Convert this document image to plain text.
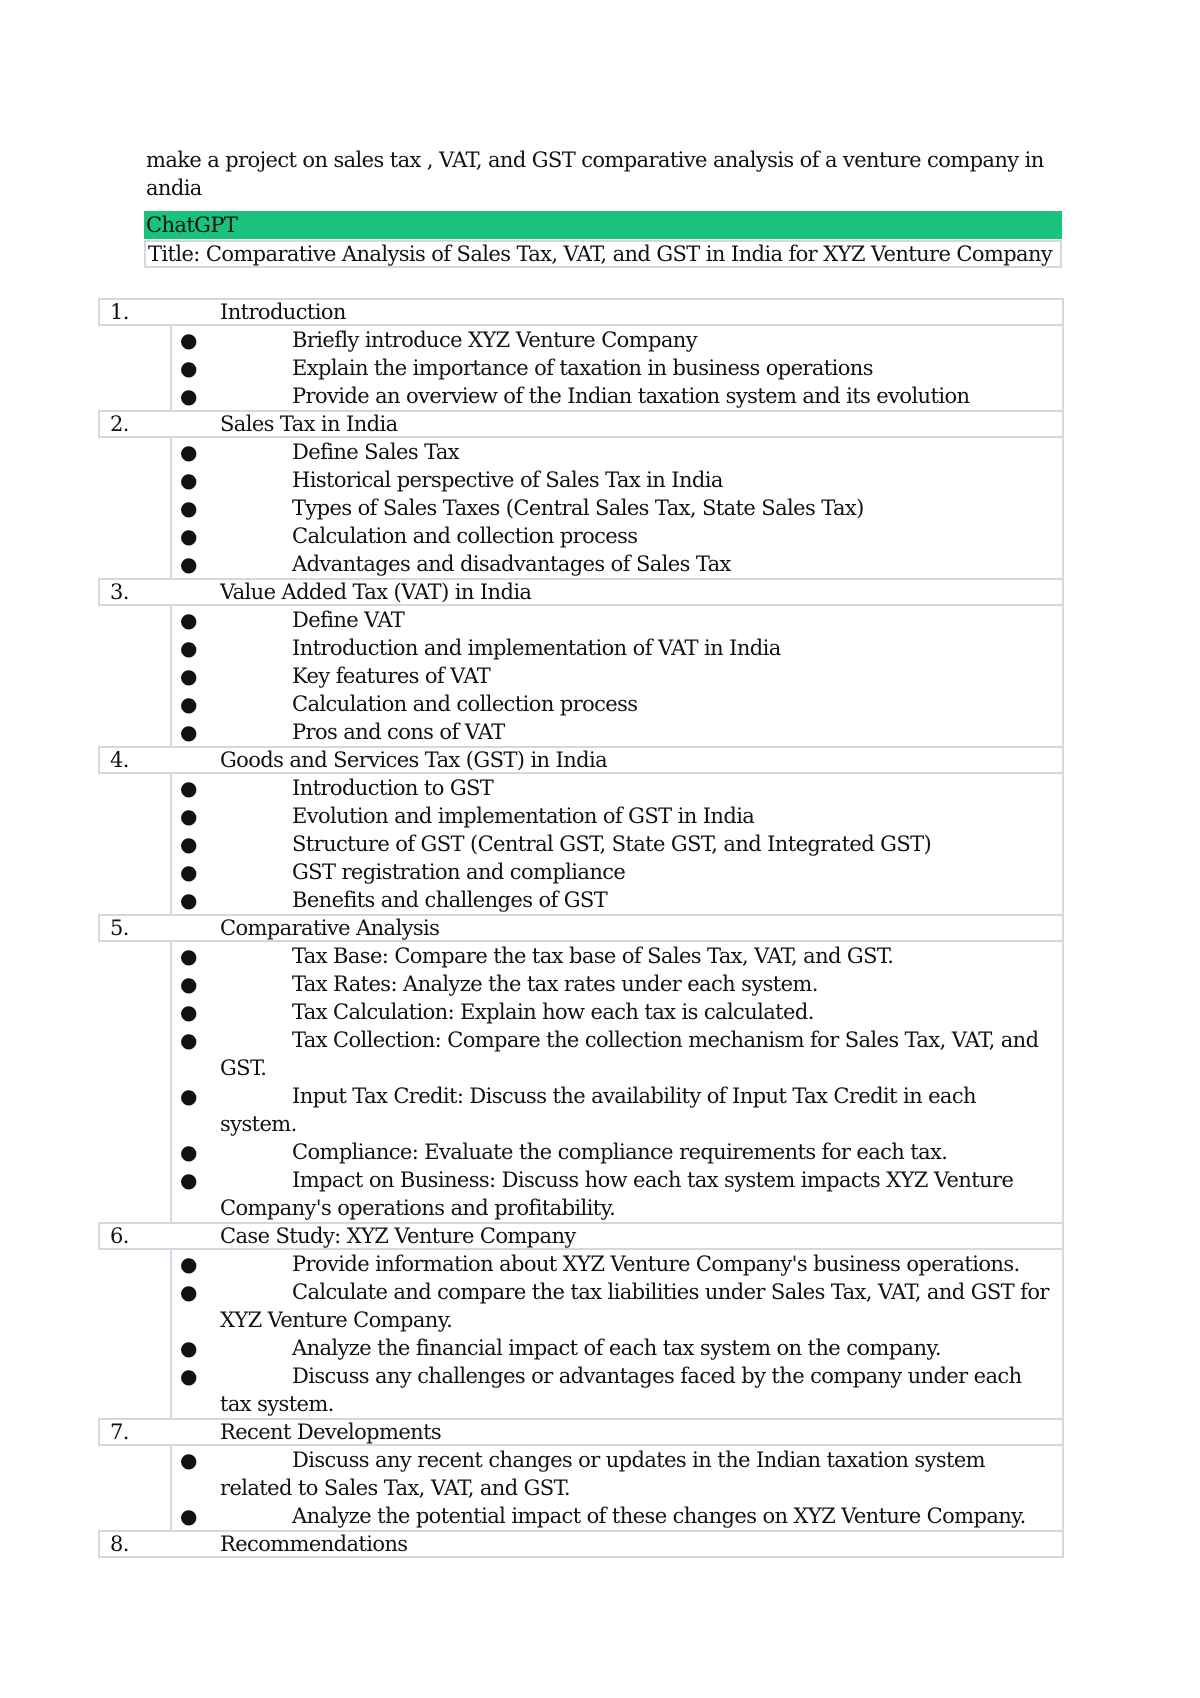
make a project on sales tax , VAT, and GST comparative analysis of a venture company in andia
ChatGPT
Title: Comparative Analysis of Sales Tax, VAT, and GST in India for XYZ Venture Company
1.	Introduction
●	Briefly introduce XYZ Venture Company
●	Explain the importance of taxation in business operations
●	Provide an overview of the Indian taxation system and its evolution
2.	Sales Tax in India
●	Define Sales Tax
●	Historical perspective of Sales Tax in India
●	Types of Sales Taxes (Central Sales Tax, State Sales Tax)
●	Calculation and collection process
●	Advantages and disadvantages of Sales Tax
3.	Value Added Tax (VAT) in India
●	Define VAT
●	Introduction and implementation of VAT in India
●	Key features of VAT
●	Calculation and collection process
●	Pros and cons of VAT
4.	Goods and Services Tax (GST) in India
●	Introduction to GST
●	Evolution and implementation of GST in India
●	Structure of GST (Central GST, State GST, and Integrated GST)
●	GST registration and compliance
●	Benefits and challenges of GST
5.	Comparative Analysis
●	Tax Base: Compare the tax base of Sales Tax, VAT, and GST.
●	Tax Rates: Analyze the tax rates under each system.
●	Tax Calculation: Explain how each tax is calculated.
●	Tax Collection: Compare the collection mechanism for Sales Tax, VAT, and GST.
●	Input Tax Credit: Discuss the availability of Input Tax Credit in each system.
●	Compliance: Evaluate the compliance requirements for each tax.
●	Impact on Business: Discuss how each tax system impacts XYZ Venture Company's operations and profitability.
6.	Case Study: XYZ Venture Company
●	Provide information about XYZ Venture Company's business operations.
●	Calculate and compare the tax liabilities under Sales Tax, VAT, and GST for XYZ Venture Company.
●	Analyze the financial impact of each tax system on the company.
●	Discuss any challenges or advantages faced by the company under each tax system.
7.	Recent Developments
●	Discuss any recent changes or updates in the Indian taxation system related to Sales Tax, VAT, and GST.
●	Analyze the potential impact of these changes on XYZ Venture Company.
8.	Recommendations
